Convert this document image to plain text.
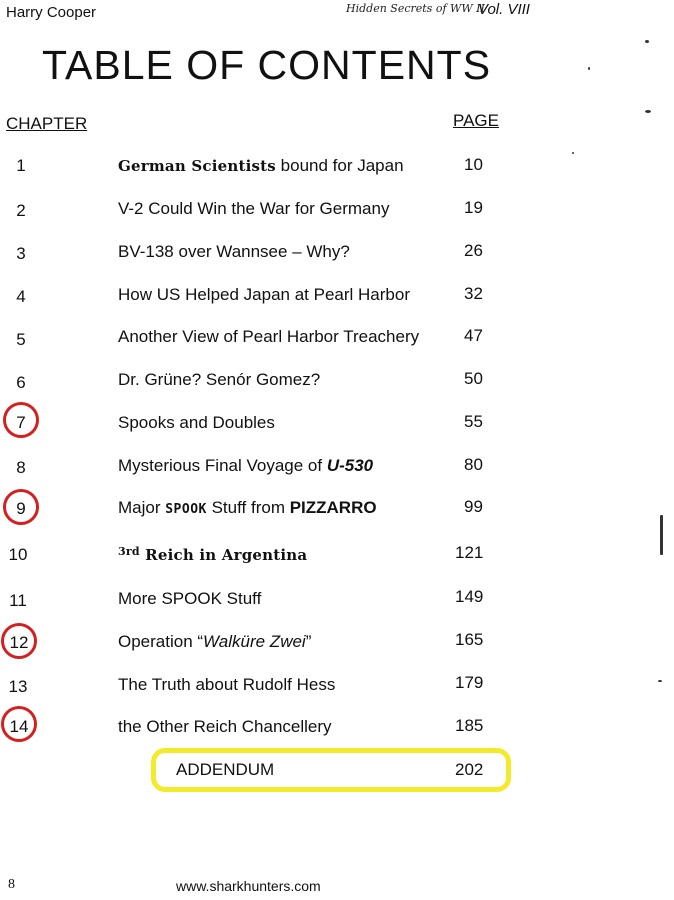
Harry Cooper	Hidden Secrets of WW II
Vol. VIII
TABLE OF CONTENTS
CHAPTER	PAGE
1	German Scientists bound for Japan	10
2	V-2 Could Win the War for Germany	19
3	BV-138 over Wannsee – Why?	26
4	How US Helped Japan at Pearl Harbor	32
5	Another View of Pearl Harbor Treachery	47
6	Dr. Grüne? Senór Gomez?	50
7	Spooks and Doubles	55
8	Mysterious Final Voyage of U-530	80
9	Major SPOOK Stuff from PIZZARRO	99
10	$^{3rd}$ Reich in Argentina	121
11	More SPOOK Stuff	149
12	Operation “Walküre Zwei”	165
13	The Truth about Rudolf Hess	179
14	the Other Reich Chancellery	185
ADDENDUM	202
8	www.sharkhunters.com
